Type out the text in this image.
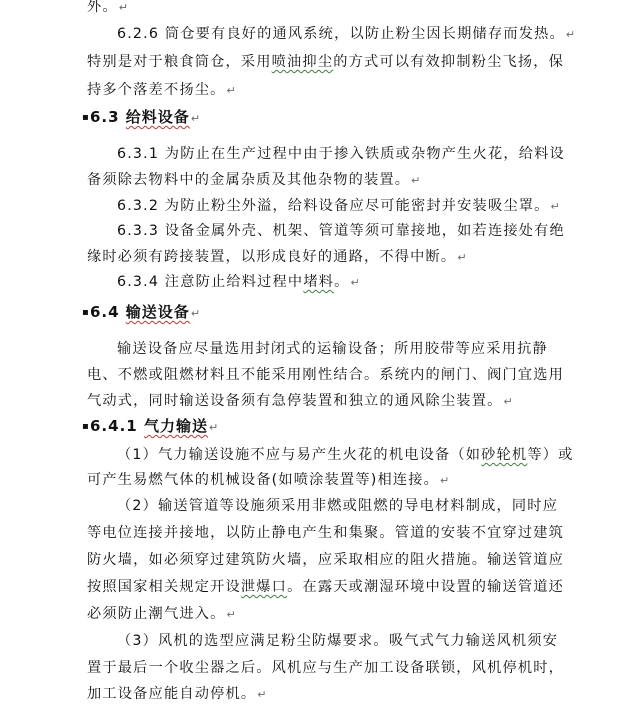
外。↵
6.2.6 筒仓要有良好的通风系统，以防止粉尘因长期储存而发热。↵
特别是对于粮食筒仓，采用喷油抑尘的方式可以有效抑制粉尘飞扬，保
持多个落差不扬尘。↵
▪ 6.3 给料设备↵
6.3.1 为防止在生产过程中由于掺入铁质或杂物产生火花，给料设
备须除去物料中的金属杂质及其他杂物的装置。↵
6.3.2 为防止粉尘外溢，给料设备应尽可能密封并安装吸尘罩。↵
6.3.3 设备金属外壳、机架、管道等须可靠接地，如若连接处有绝
缘时必须有跨接装置，以形成良好的通路，不得中断。↵
6.3.4 注意防止给料过程中堵料。↵
▪ 6.4 输送设备↵
输送设备应尽量选用封闭式的运输设备；所用胶带等应采用抗静
电、不燃或阻燃材料且不能采用刚性结合。系统内的闸门、阀门宜选用
气动式，同时输送设备须有急停装置和独立的通风除尘装置。↵
▪ 6.4.1 气力输送↵
（1）气力输送设施不应与易产生火花的机电设备（如砂轮机等）或
可产生易燃气体的机械设备(如喷涂装置等)相连接。↵
（2）输送管道等设施须采用非燃或阻燃的导电材料制成，同时应
等电位连接并接地，以防止静电产生和集聚。管道的安装不宜穿过建筑
防火墙，如必须穿过建筑防火墙，应采取相应的阻火措施。输送管道应
按照国家相关规定开设泄爆口。在露天或潮湿环境中设置的输送管道还
必须防止潮气进入。↵
（3）风机的选型应满足粉尘防爆要求。吸气式气力输送风机须安
置于最后一个收尘器之后。风机应与生产加工设备联锁，风机停机时，
加工设备应能自动停机。↵
